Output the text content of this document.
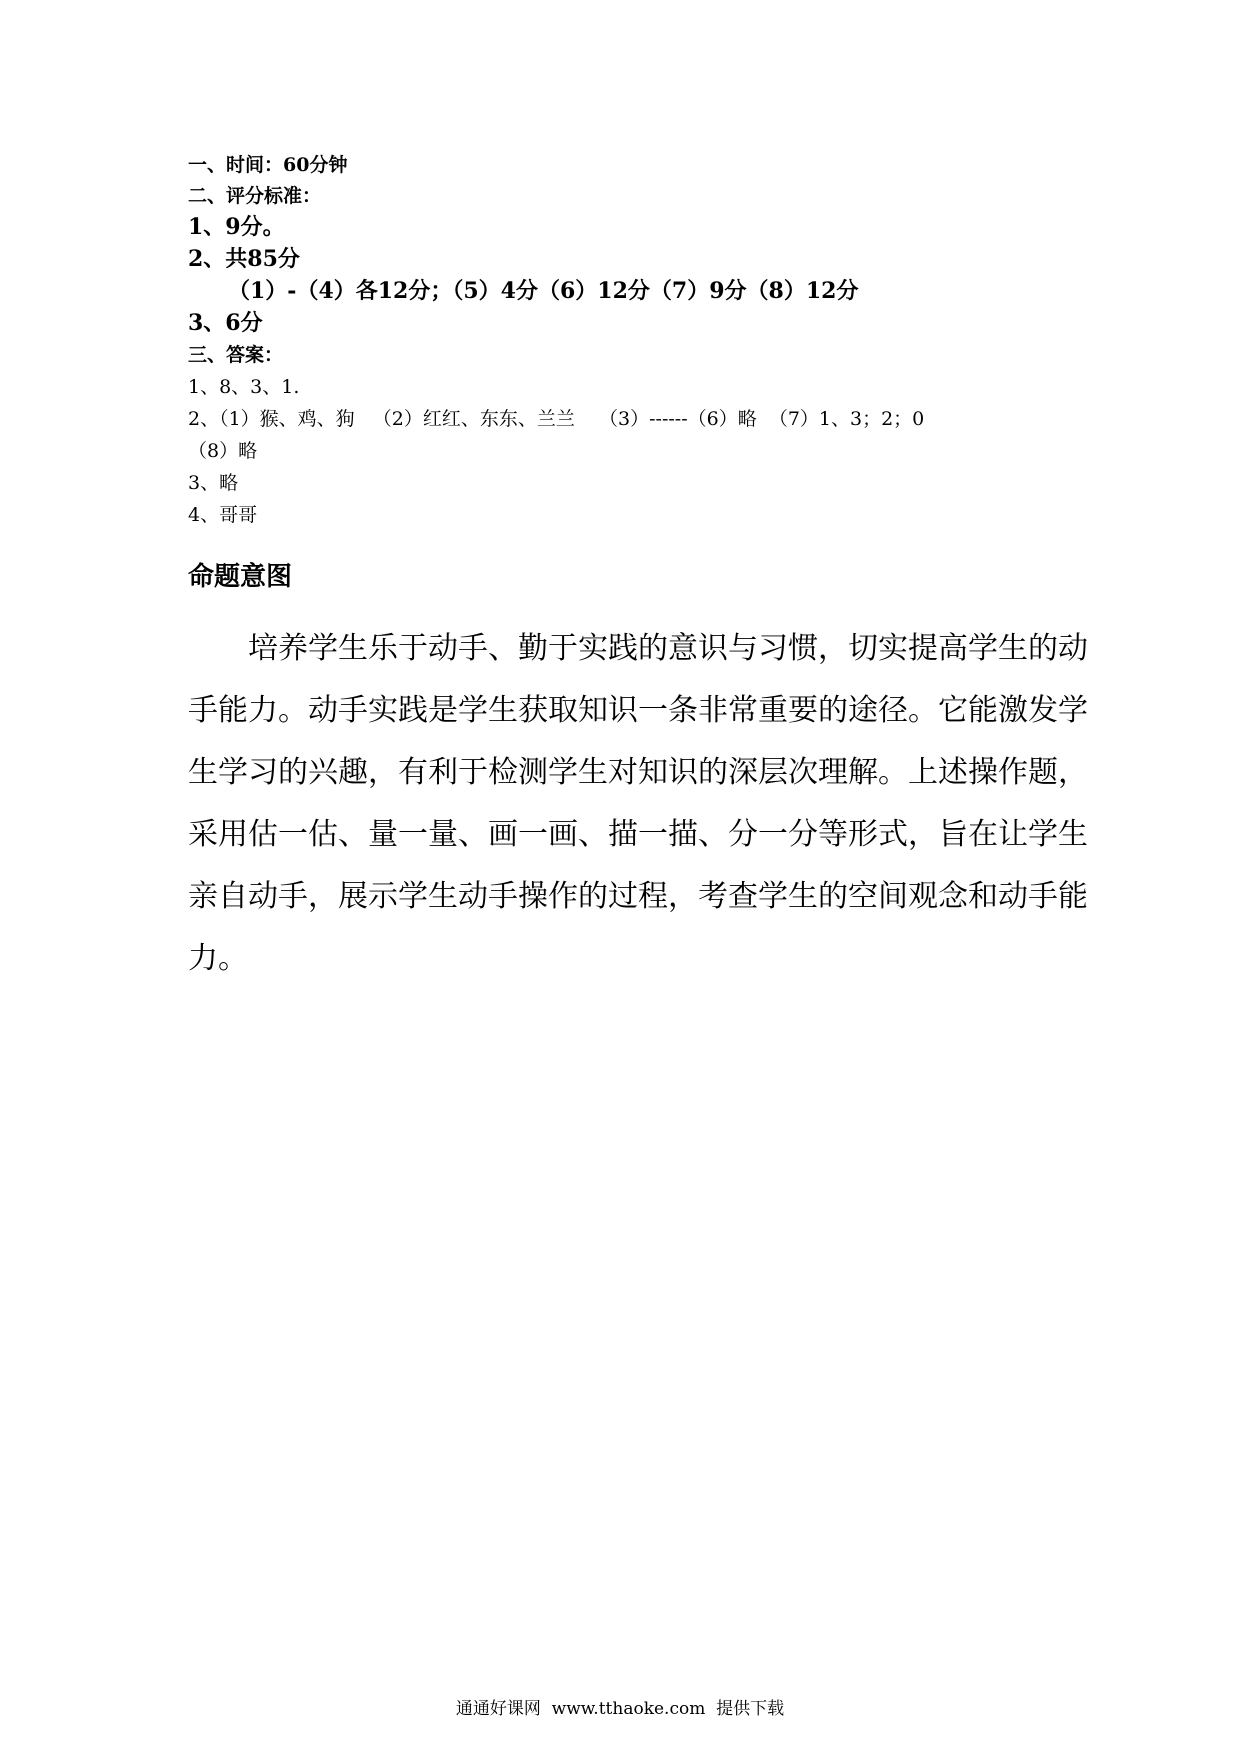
一、时间：60分钟
二、评分标准：
1、9分。
2、共85分
（1）-（4）各12分；（5）4分（6）12分（7）9分（8）12分
3、6分
三、答案：
1、8、3、1.
2、（1）猴、鸡、狗   （2）红红、东东、兰兰    （3）------（6）略  （7）1、3；2；0
（8）略
3、略
4、哥哥
命题意图
　　培养学生乐于动手、勤于实践的意识与习惯，切实提高学生的动
手能力。动手实践是学生获取知识一条非常重要的途径。它能激发学
生学习的兴趣，有利于检测学生对知识的深层次理解。上述操作题，
采用估一估、量一量、画一画、描一描、分一分等形式，旨在让学生
亲自动手，展示学生动手操作的过程，考查学生的空间观念和动手能
力。
通通好课网  www.tthaoke.com  提供下载
